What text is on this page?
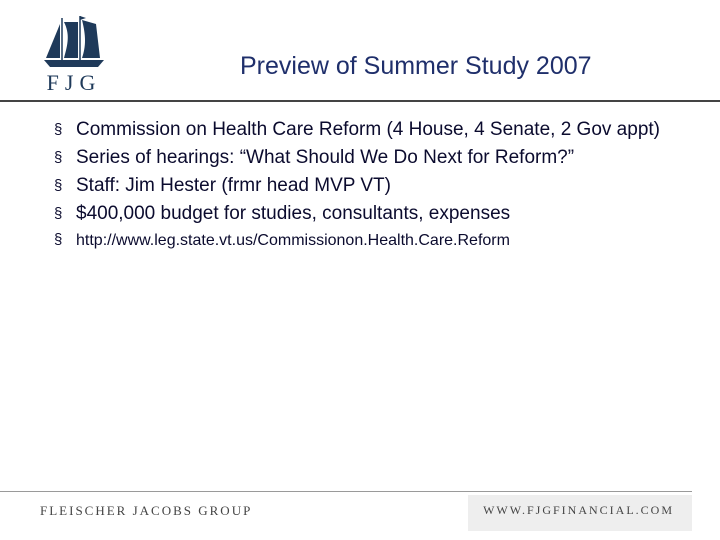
FJG
Preview of Summer Study 2007
§ Commission on Health Care Reform (4 House, 4 Senate, 2 Gov appt)
§ Series of hearings: “What Should We Do Next for Reform?”
§ Staff: Jim Hester (frmr head MVP VT)
§ $400,000 budget for studies, consultants, expenses
§ http://www.leg.state.vt.us/Commissionon.Health.Care.Reform
FLEISCHER JACOBS GROUP	WWW.FJGFINANCIAL.COM
